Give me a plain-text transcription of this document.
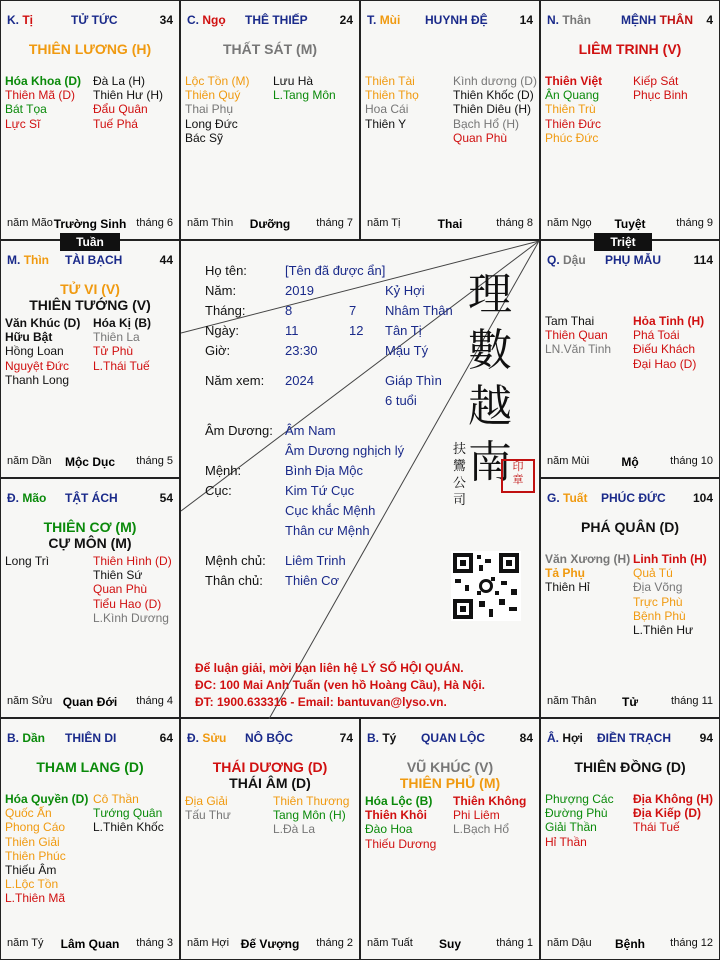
K. Tị	TỬ TỨC	34
THIÊN LƯƠNG (H)
Hóa Khoa (D)
Thiên Mã (D)
Bát Tọa
Lực Sĩ
Đà La (H)
Thiên Hư (H)
Đẩu Quân
Tuế Phá
năm Mão Trường Sinh tháng 6
C. Ngọ THÊ THIẾP	24
THẤT SÁT (M)
Lộc Tồn (M)
Thiên Quý
Thai Phụ
Long Đức
Bác Sỹ
Lưu Hà
L.Tang Môn
năm Thìn	Dưỡng	tháng 7
T. Mùi HUYNH ĐỆ	14
Thiên Tài
Thiên Thọ
Hoa Cái
Thiên Y
Kình dương (D)
Thiên Khốc (D)
Thiên Diêu (H)
Bạch Hổ (H)
Quan Phù
năm Tị	Thai	tháng 8
N. Thân MỆNH THÂN 4
LIÊM TRINH (V)
Thiên Việt
Ân Quang
Thiên Trù
Thiên Đức
Phúc Đức
Kiếp Sát
Phục Binh
năm Ngọ	Tuyệt	tháng 9
M. Thìn TÀI BẠCH	44
TỬ VI (V)
THIÊN TƯỚNG (V)
Văn Khúc (D)
Hữu Bật
Hồng Loan
Nguyệt Đức
Thanh Long
Hóa Kị (B)
Thiên La
Tử Phù
L.Thái Tuế
năm Dần	Mộc Dục	tháng 5
Q. Dậu PHỤ MẪU	114
Tam Thai
Thiên Quan
LN.Văn Tinh
Hỏa Tinh (H)
Phá Toái
Điếu Khách
Đại Hao (D)
năm Mùi	Mộ	tháng 10
Đ. Mão TẬT ÁCH	54
THIÊN CƠ (M)
CỰ MÔN (M)
Long Trì	Thiên Hình (D)
Thiên Sứ
Quan Phù
Tiểu Hao (D)
L.Kình Dương
năm Sửu Quan Đới	tháng 4
G. Tuất PHÚC ĐỨC 104
PHÁ QUÂN (D)
Văn Xương (H)
Tả Phụ
Thiên Hỉ
Linh Tinh (H)
Quả Tú
Địa Võng
Trực Phù
Bệnh Phù
L.Thiên Hư
năm Thân	Tử	tháng 11
B. Dần THIÊN DI	64
THAM LANG (D)
Hóa Quyền (D)
Quốc Ấn
Phong Cáo
Thiên Giải
Thiên Phúc
Thiếu Âm
L.Lộc Tồn
L.Thiên Mã
Cô Thần
Tướng Quân
L.Thiên Khốc
năm Tý	Lâm Quan	tháng 3
Đ. Sửu NÔ BỘC	74
THÁI DƯƠNG (D)
THÁI ÂM (D)
Địa Giải
Tấu Thư
Thiên Thương
Tang Môn (H)
L.Đà La
năm Hợi Đế Vượng	tháng 2
B. Tý QUAN LỘC	84
VŨ KHÚC (V)
THIÊN PHỦ (M)
Hóa Lộc (B)
Thiên Khôi
Đào Hoa
Thiếu Dương
Thiên Không
Phi Liêm
L.Bạch Hổ
năm Tuất	Suy	tháng 1
Â. Hợi ĐIỀN TRẠCH 94
THIÊN ĐỒNG (D)
Phượng Các
Đường Phù
Giải Thần
Hỉ Thần
Địa Không (H)
Địa Kiếp (D)
Thái Tuế
năm Dậu	Bệnh	tháng 12
Họ tên:	[Tên đã được ẩn]
Năm:	2019	Kỷ Hợi
Tháng:	8	7 Nhâm Thân
Ngày:	11	12 Tân Tị
Giờ:	23:30	Mậu Tý
Năm xem: 2024	Giáp Thìn
6 tuổi
Âm Dương: Âm Nam
Âm Dương nghịch lý
Mệnh:	Bình Địa Mộc
Cục:	Kim Tứ Cục
Cục khắc Mệnh
Thân cư Mệnh
Mệnh chủ: Liêm Trinh
Thân chủ: Thiên Cơ
理
數
越
南
扶鸞公司
印
章
Để luận giải, mời bạn liên hệ LÝ SỐ HỘI QUÁN.
ĐC: 100 Mai Anh Tuấn (ven hồ Hoàng Cầu), Hà Nội.
ĐT: 1900.633316 - Email: bantuvan@lyso.vn.
Tuần	Triệt
